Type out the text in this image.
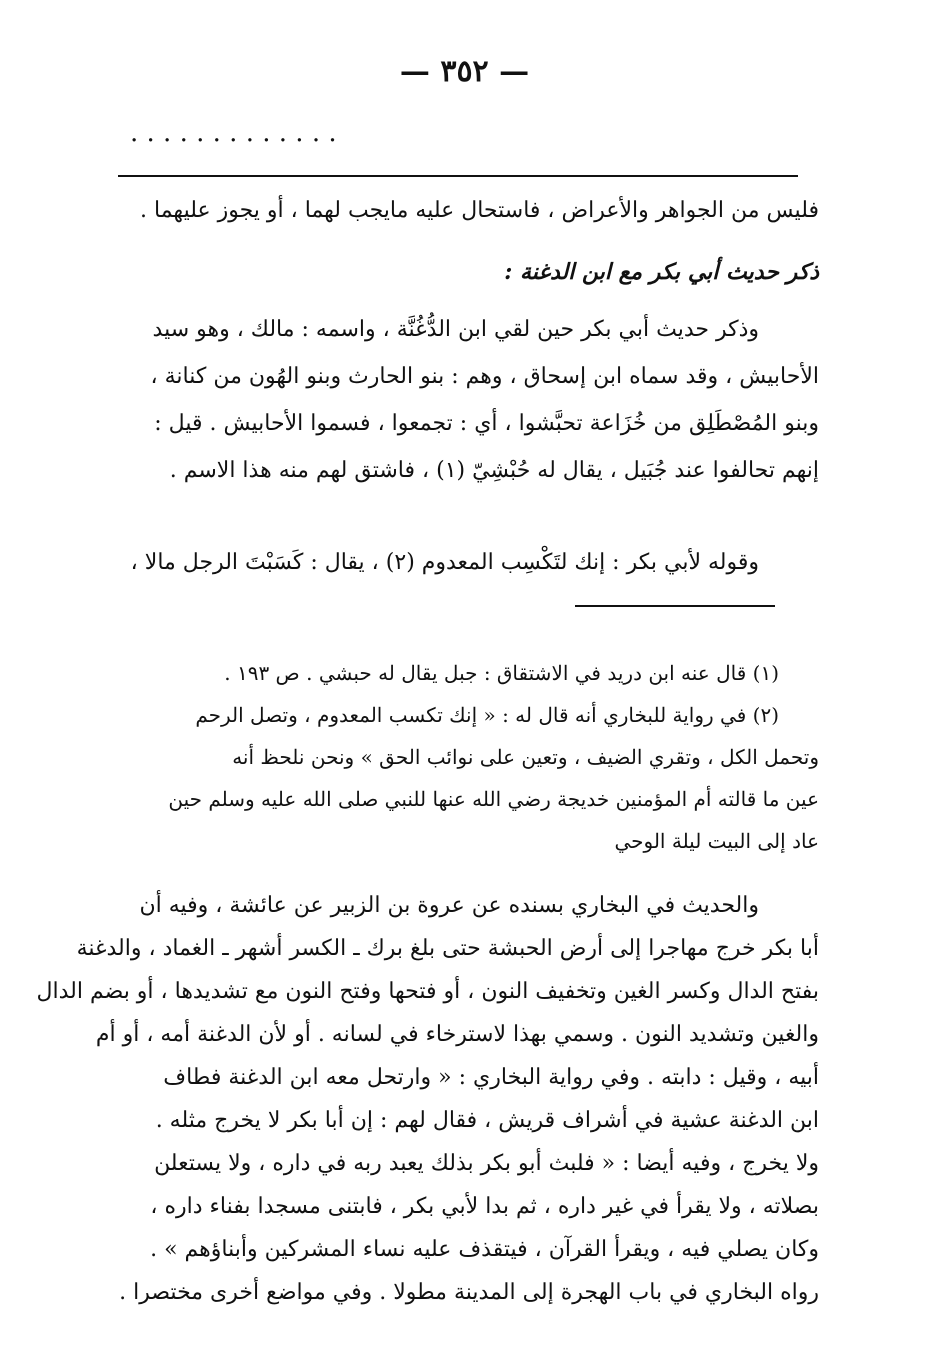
— ٣٥٢ —
. . . . . . . . . . . . .
فليس من الجواهر والأعراض ، فاستحال عليه مايجب لهما ، أو يجوز عليهما .
ذكر حديث أبي بكر مع ابن الدغنة :
وذكر حديث أبي بكر حين لقي ابن الدُّغُنَّة ، واسمه : مالك ، وهو سيد
الأحابيش ، وقد سماه ابن إسحاق ، وهم : بنو الحارث وبنو الهُون من كنانة ،
وبنو المُصْطَلِق من خُزَاعة تحبَّشوا ، أي : تجمعوا ، فسموا الأحابيش . قيل :
إنهم تحالفوا عند جُبَيل ، يقال له حُبْشِيّ (١) ، فاشتق لهم منه هذا الاسم .
وقوله لأبي بكر : إنك لتَكْسِب المعدوم (٢) ، يقال : كَسَبْتَ الرجل مالا ،
(١) قال عنه ابن دريد في الاشتقاق : جبل يقال له حبشي . ص ١٩٣ .
(٢) في رواية للبخاري أنه قال له : « إنك تكسب المعدوم ، وتصل الرحم
وتحمل الكل ، وتقري الضيف ، وتعين على نوائب الحق » ونحن نلحظ أنه
عين ما قالته أم المؤمنين خديجة رضي الله عنها للنبي صلى الله عليه وسلم حين
عاد إلى البيت ليلة الوحي
والحديث في البخاري بسنده عن عروة بن الزبير عن عائشة ، وفيه أن
أبا بكر خرج مهاجرا إلى أرض الحبشة حتى بلغ برك ـ الكسر أشهر ـ الغماد ، والدغنة
بفتح الدال وكسر الغين وتخفيف النون ، أو فتحها وفتح النون مع تشديدها ، أو بضم الدال
والغين وتشديد النون . وسمي بهذا لاسترخاء في لسانه . أو لأن الدغنة أمه ، أو أم
أبيه ، وقيل : دابته . وفي رواية البخاري : « وارتحل معه ابن الدغنة فطاف
ابن الدغنة عشية في أشراف قريش ، فقال لهم : إن أبا بكر لا يخرج مثله .
ولا يخرج ، وفيه أيضا : « فلبث أبو بكر بذلك يعبد ربه في داره ، ولا يستعلن
بصلاته ، ولا يقرأ في غير داره ، ثم بدا لأبي بكر ، فابتنى مسجدا بفناء داره ،
وكان يصلي فيه ، ويقرأ القرآن ، فيتقذف عليه نساء المشركين وأبناؤهم » .
رواه البخاري في باب الهجرة إلى المدينة مطولا . وفي مواضع أخرى مختصرا .
